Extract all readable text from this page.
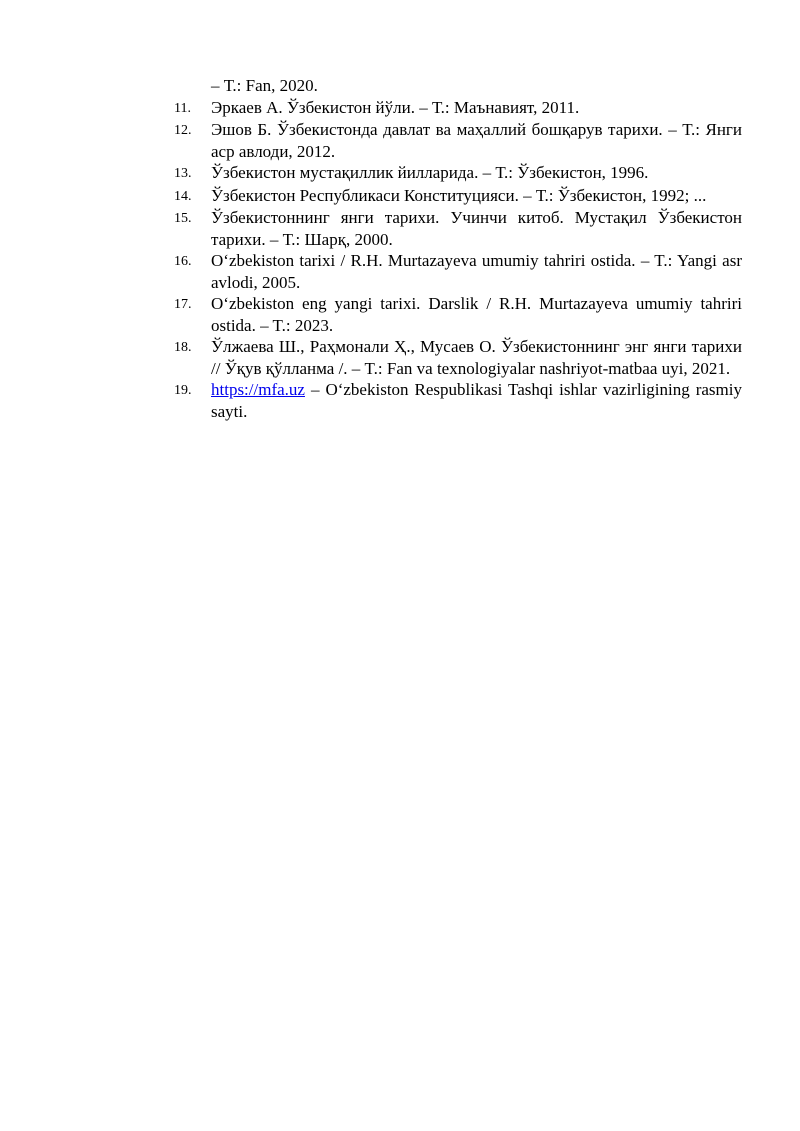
– Т.: Fan, 2020.
11.	Эркаев А. Ўзбекистон йўли. – Т.: Маънавият, 2011.
12.	Эшов Б. Ўзбекистонда давлат ва маҳаллий бошқарув тарихи. – Т.: Янги аср авлоди, 2012.
13.	Ўзбекистон мустақиллик йилларида. – Т.: Ўзбекистон, 1996.
14.	Ўзбекистон Республикаси Конституцияси. – Т.: Ўзбекистон, 1992; ...
15.	Ўзбекистоннинг янги тарихи. Учинчи китоб. Мустақил Ўзбекистон тарихи. – Т.: Шарқ, 2000.
16.	O‘zbekiston tarixi / R.H. Murtazayeva umumiy tahriri ostida. – T.: Yangi asr avlodi, 2005.
17.	O‘zbekiston eng yangi tarixi. Darslik / R.H. Murtazayeva umumiy tahriri ostida. – T.: 2023.
18.	Ўлжаева Ш., Раҳмонали Ҳ., Мусаев О. Ўзбекистоннинг энг янги тарихи // Ўқув қўлланма /. – T.: Fan va texnologiyalar nashriyot-matbaa uyi, 2021.
19.	https://mfa.uz – O‘zbekiston Respublikasi Tashqi ishlar vazirligining rasmiy sayti.
